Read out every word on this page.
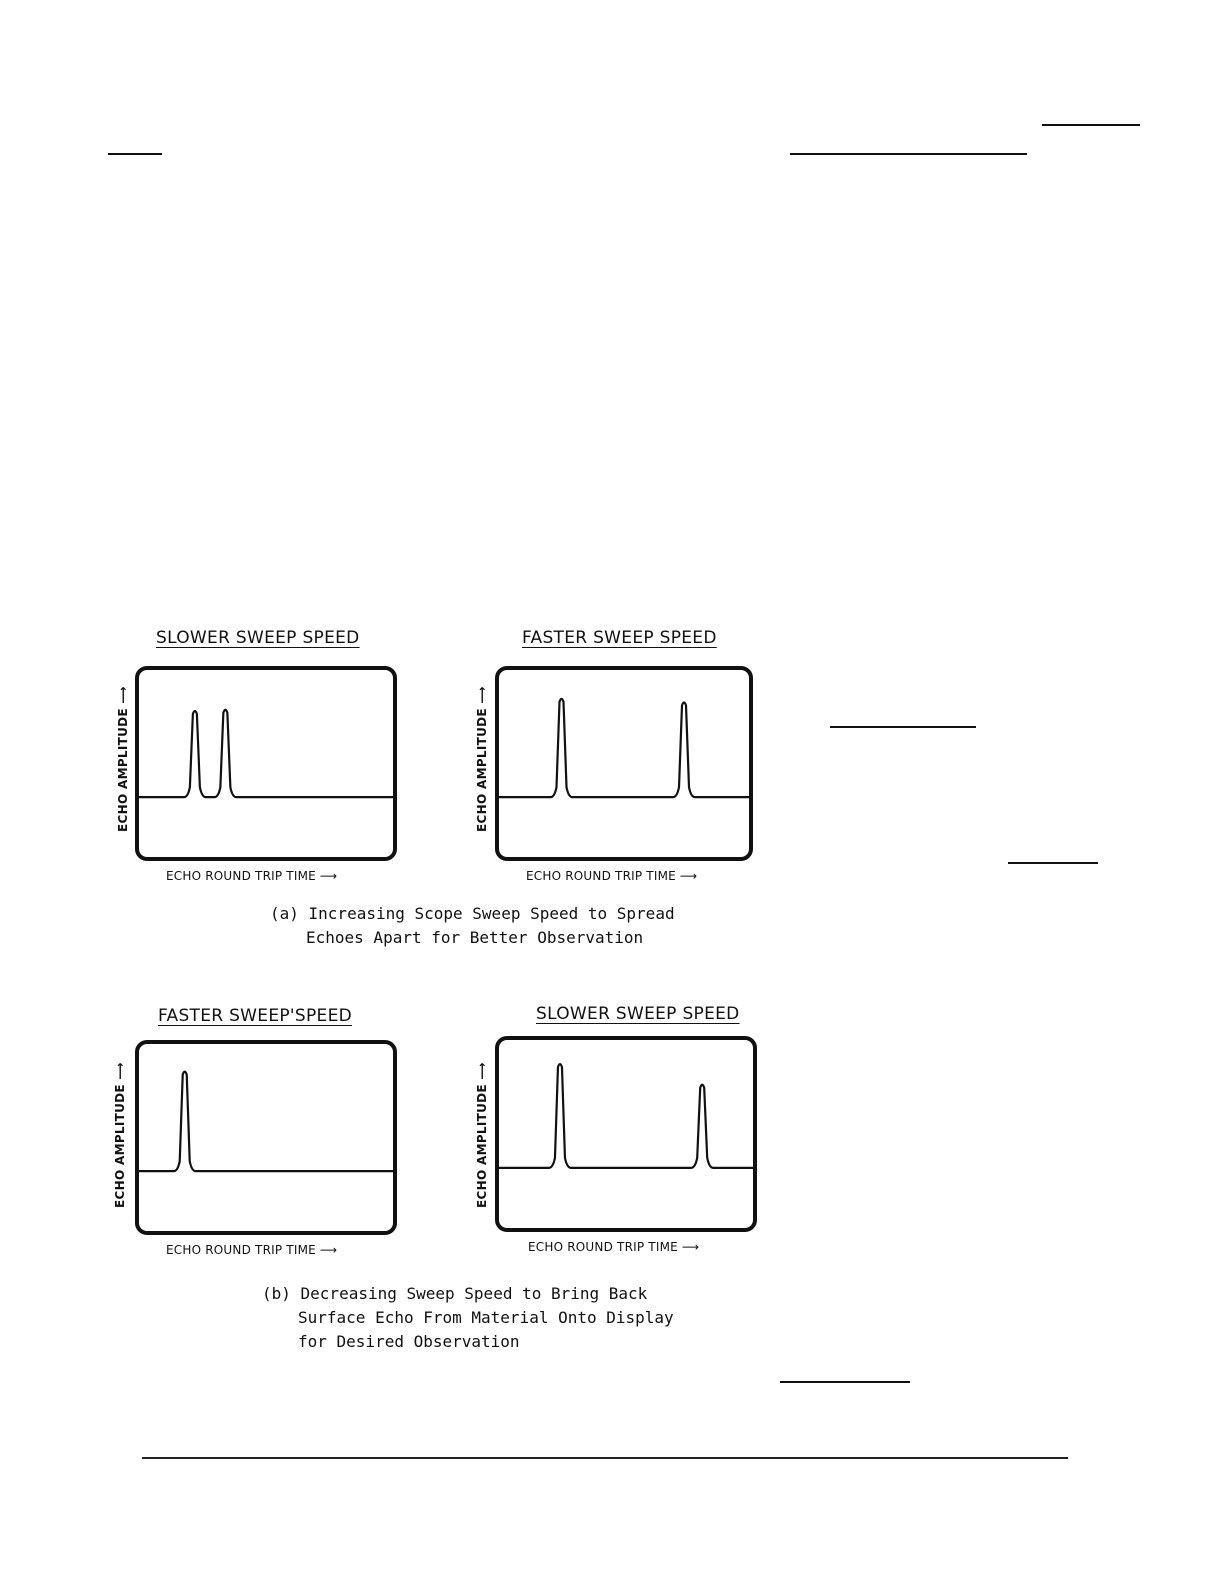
SLOWER SWEEP SPEED
ECHO AMPLITUDE ⟶
ECHO ROUND TRIP TIME ⟶
FASTER SWEEP SPEED
ECHO AMPLITUDE ⟶
ECHO ROUND TRIP TIME ⟶
(a) Increasing Scope Sweep Speed to Spread
Echoes Apart for Better Observation
FASTER SWEEP'SPEED
ECHO AMPLITUDE ⟶
ECHO ROUND TRIP TIME ⟶
SLOWER SWEEP SPEED
ECHO AMPLITUDE ⟶
ECHO ROUND TRIP TIME ⟶
(b) Decreasing Sweep Speed to Bring Back
Surface Echo From Material Onto Display
for Desired Observation
